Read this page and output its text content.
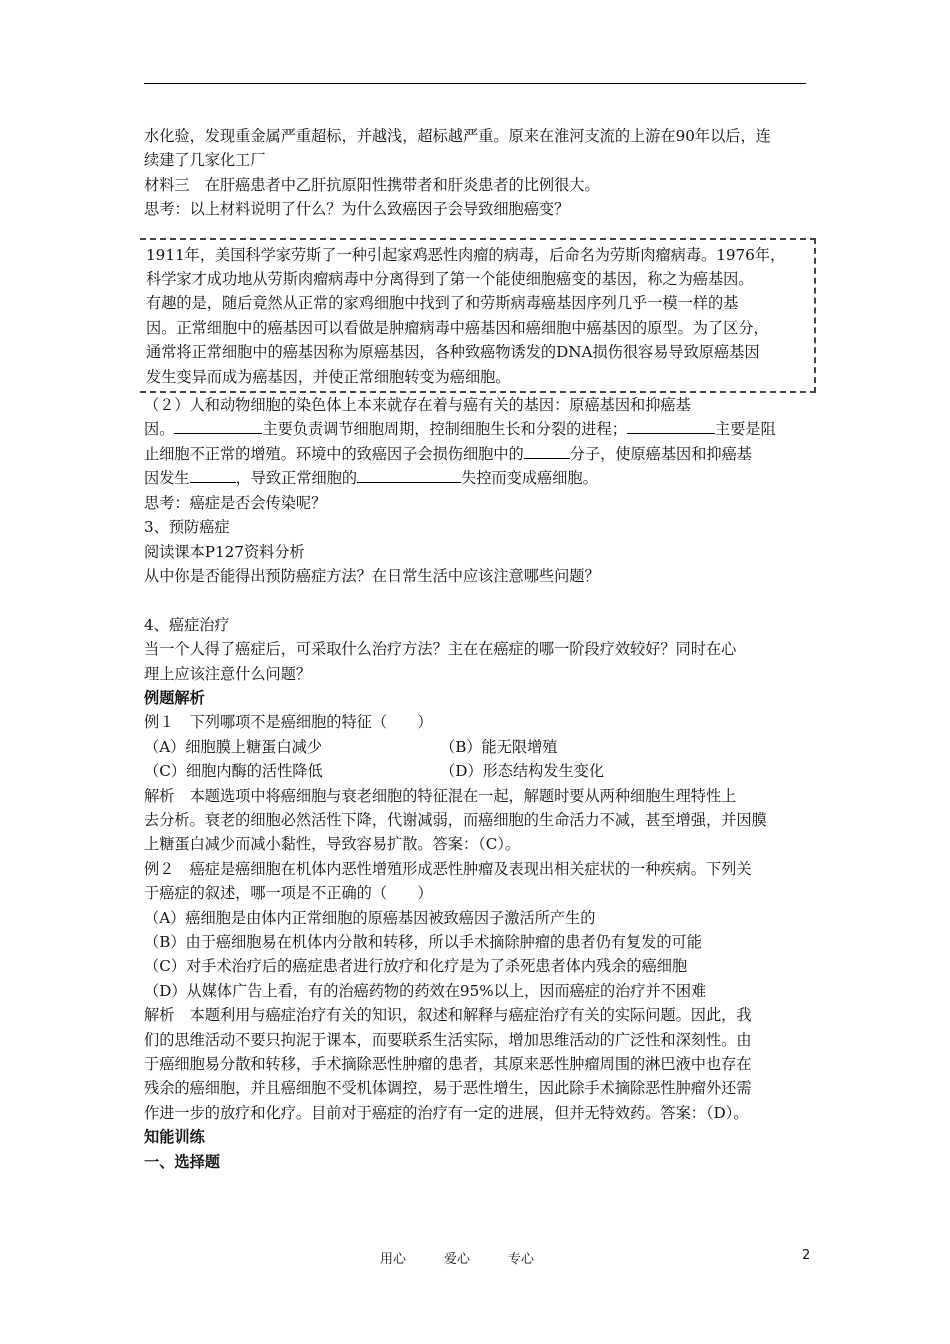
水化验，发现重金属严重超标，并越浅，超标越严重。原来在淮河支流的上游在90年以后，连

续建了几家化工厂

材料三　在肝癌患者中乙肝抗原阳性携带者和肝炎患者的比例很大。

思考：以上材料说明了什么？为什么致癌因子会导致细胞癌变？

1911年，美国科学家劳斯了一种引起家鸡恶性肉瘤的病毒，后命名为劳斯肉瘤病毒。1976年，

科学家才成功地从劳斯肉瘤病毒中分离得到了第一个能使细胞癌变的基因，称之为癌基因。

有趣的是，随后竟然从正常的家鸡细胞中找到了和劳斯病毒癌基因序列几乎一模一样的基

因。正常细胞中的癌基因可以看做是肿瘤病毒中癌基因和癌细胞中癌基因的原型。为了区分，

通常将正常细胞中的癌基因称为原癌基因，各种致癌物诱发的DNA损伤很容易导致原癌基因

发生变异而成为癌基因，并使正常细胞转变为癌细胞。

（２）人和动物细胞的染色体上本来就存在着与癌有关的基因：原癌基因和抑癌基

因。	主要负责调节细胞周期，控制细胞生长和分裂的进程；	主要是阻

止细胞不正常的增殖。环境中的致癌因子会损伤细胞中的	分子，使原癌基因和抑癌基

因发生	，导致正常细胞的	失控而变成癌细胞。

思考：癌症是否会传染呢？

3、预防癌症

阅读课本P127资料分析

从中你是否能得出预防癌症方法？在日常生活中应该注意哪些问题？

4、癌症治疗

当一个人得了癌症后，可采取什么治疗方法？主在在癌症的哪一阶段疗效较好？同时在心

理上应该注意什么问题？

例题解析

例１　下列哪项不是癌细胞的特征（　　）

（A）细胞膜上糖蛋白减少	（B）能无限增殖

（C）细胞内酶的活性降低	（D）形态结构发生变化

解析　本题选项中将癌细胞与衰老细胞的特征混在一起，解题时要从两种细胞生理特性上

去分析。衰老的细胞必然活性下降，代谢减弱，而癌细胞的生命活力不减，甚至增强，并因膜

上糖蛋白减少而减小黏性，导致容易扩散。答案：（C）。

例２　癌症是癌细胞在机体内恶性增殖形成恶性肿瘤及表现出相关症状的一种疾病。下列关

于癌症的叙述，哪一项是不正确的（　　）

（A）癌细胞是由体内正常细胞的原癌基因被致癌因子激活所产生的

（B）由于癌细胞易在机体内分散和转移，所以手术摘除肿瘤的患者仍有复发的可能

（C）对手术治疗后的癌症患者进行放疗和化疗是为了杀死患者体内残余的癌细胞

（D）从媒体广告上看，有的治癌药物的药效在95%以上，因而癌症的治疗并不困难

解析　本题利用与癌症治疗有关的知识，叙述和解释与癌症治疗有关的实际问题。因此，我

们的思维活动不要只拘泥于课本，而要联系生活实际，增加思维活动的广泛性和深刻性。由

于癌细胞易分散和转移，手术摘除恶性肿瘤的患者，其原来恶性肿瘤周围的淋巴液中也存在

残余的癌细胞，并且癌细胞不受机体调控，易于恶性增生，因此除手术摘除恶性肿瘤外还需

作进一步的放疗和化疗。目前对于癌症的治疗有一定的进展，但并无特效药。答案：（D）。

知能训练

一、选择题

用心	爱心	专心	2
